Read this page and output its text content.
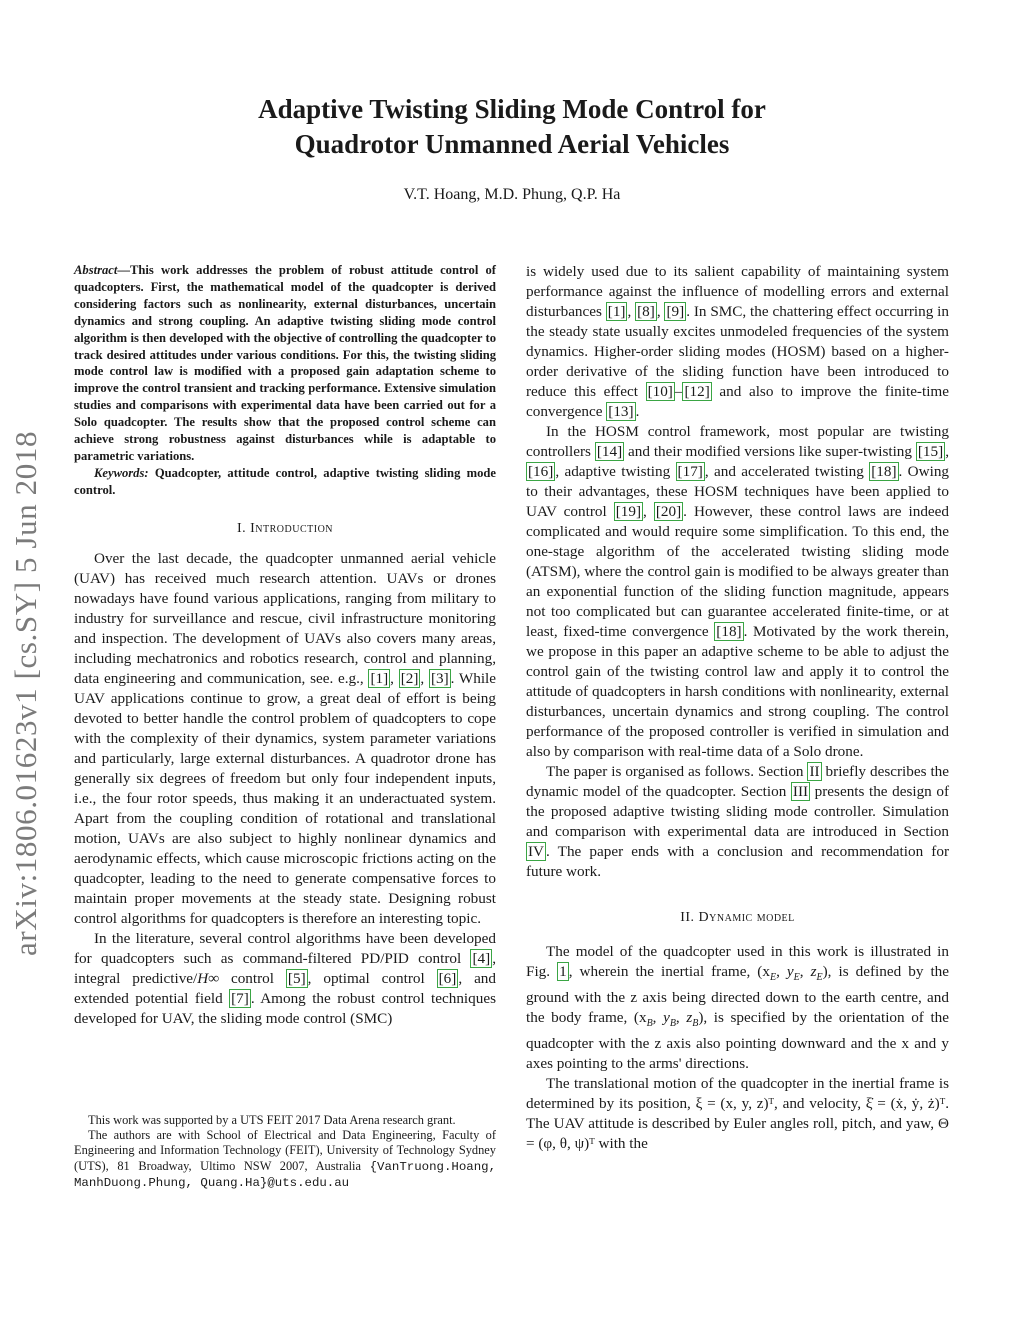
arXiv:1806.01623v1 [cs.SY] 5 Jun 2018
Adaptive Twisting Sliding Mode Control for
Quadrotor Unmanned Aerial Vehicles
V.T. Hoang, M.D. Phung, Q.P. Ha

Abstract—This work addresses the problem of robust attitude control of quadcopters. First, the mathematical model of the quadcopter is derived considering factors such as nonlinearity, external disturbances, uncertain dynamics and strong coupling. An adaptive twisting sliding mode control algorithm is then developed with the objective of controlling the quadcopter to track desired attitudes under various conditions. For this, the twisting sliding mode control law is modified with a proposed gain adaptation scheme to improve the control transient and tracking performance. Extensive simulation studies and comparisons with experimental data have been carried out for a Solo quadcopter. The results show that the proposed control scheme can achieve strong robustness against disturbances while is adaptable to parametric variations.

Keywords: Quadcopter, attitude control, adaptive twisting sliding mode control.

I. Introduction

Over the last decade, the quadcopter unmanned aerial vehicle (UAV) has received much research attention. UAVs or drones nowadays have found various applications, ranging from military to industry for surveillance and rescue, civil infrastructure monitoring and inspection. The development of UAVs also covers many areas, including mechatronics and robotics research, control and planning, data engineering and communication, see. e.g., [1] , [2] , [3] . While UAV applications continue to grow, a great deal of effort is being devoted to better handle the control problem of quadcopters to cope with the complexity of their dynamics, system parameter variations and particularly, large external disturbances. A quadrotor drone has generally six degrees of freedom but only four independent inputs, i.e., the four rotor speeds, thus making it an underactuated system. Apart from the coupling condition of rotational and translational motion, UAVs are also subject to highly nonlinear dynamics and aerodynamic effects, which cause microscopic frictions acting on the quadcopter, leading to the need to generate compensative forces to maintain proper movements at the steady state. Designing robust control algorithms for quadcopters is therefore an interesting topic.

In the literature, several control algorithms have been developed for quadcopters such as command-filtered PD/PID control [4] , integral predictive/H∞ control [5] , optimal control [6] , and extended potential field [7] . Among the robust control techniques developed for UAV, the sliding mode control (SMC)

This work was supported by a UTS FEIT 2017 Data Arena research grant.

The authors are with School of Electrical and Data Engineering, Faculty of Engineering and Information Technology (FEIT), University of Technology Sydney (UTS), 81 Broadway, Ultimo NSW 2007, Australia {VanTruong.Hoang, ManhDuong.Phung, Quang.Ha}@uts.edu.au

is widely used due to its salient capability of maintaining system performance against the influence of modelling errors and external disturbances [1] , [8] , [9] . In SMC, the chattering effect occurring in the steady state usually excites unmodeled frequencies of the system dynamics. Higher-order sliding modes (HOSM) based on a higher-order derivative of the sliding function have been introduced to reduce this effect [10] – [12] and also to improve the finite-time convergence [13] .

In the HOSM control framework, most popular are twisting controllers [14] and their modified versions like super-twisting [15] , [16] , adaptive twisting [17] , and accelerated twisting [18] . Owing to their advantages, these HOSM techniques have been applied to UAV control [19] , [20] . However, these control laws are indeed complicated and would require some simplification. To this end, the one-stage algorithm of the accelerated twisting sliding mode (ATSM), where the control gain is modified to be always greater than an exponential function of the sliding function magnitude, appears not too complicated but can guarantee accelerated finite-time, or at least, fixed-time convergence [18] . Motivated by the work therein, we propose in this paper an adaptive scheme to be able to adjust the control gain of the twisting control law and apply it to control the attitude of quadcopters in harsh conditions with nonlinearity, external disturbances, uncertain dynamics and strong coupling. The control performance of the proposed controller is verified in simulation and also by comparison with real-time data of a Solo drone.

The paper is organised as follows. Section II briefly describes the dynamic model of the quadcopter. Section III presents the design of the proposed adaptive twisting sliding mode controller. Simulation and comparison with experimental data are introduced in Section IV . The paper ends with a conclusion and recommendation for future work.

II. Dynamic model

The model of the quadcopter used in this work is illustrated in Fig. 1 , wherein the inertial frame, ($x_E$, $y_E$, $z_E$), is defined by the ground with the z axis being directed down to the earth centre, and the body frame, ($x_B$, $y_B$, $z_B$), is specified by the orientation of the quadcopter with the z axis also pointing downward and the x and y axes pointing to the arms' directions.

The translational motion of the quadcopter in the inertial frame is determined by its position, ξ = (x, y, z)ᵀ, and velocity, ξ̇ = (ẋ, ẏ, ż)ᵀ. The UAV attitude is described by Euler angles roll, pitch, and yaw, Θ = (φ, θ, ψ)ᵀ with the
